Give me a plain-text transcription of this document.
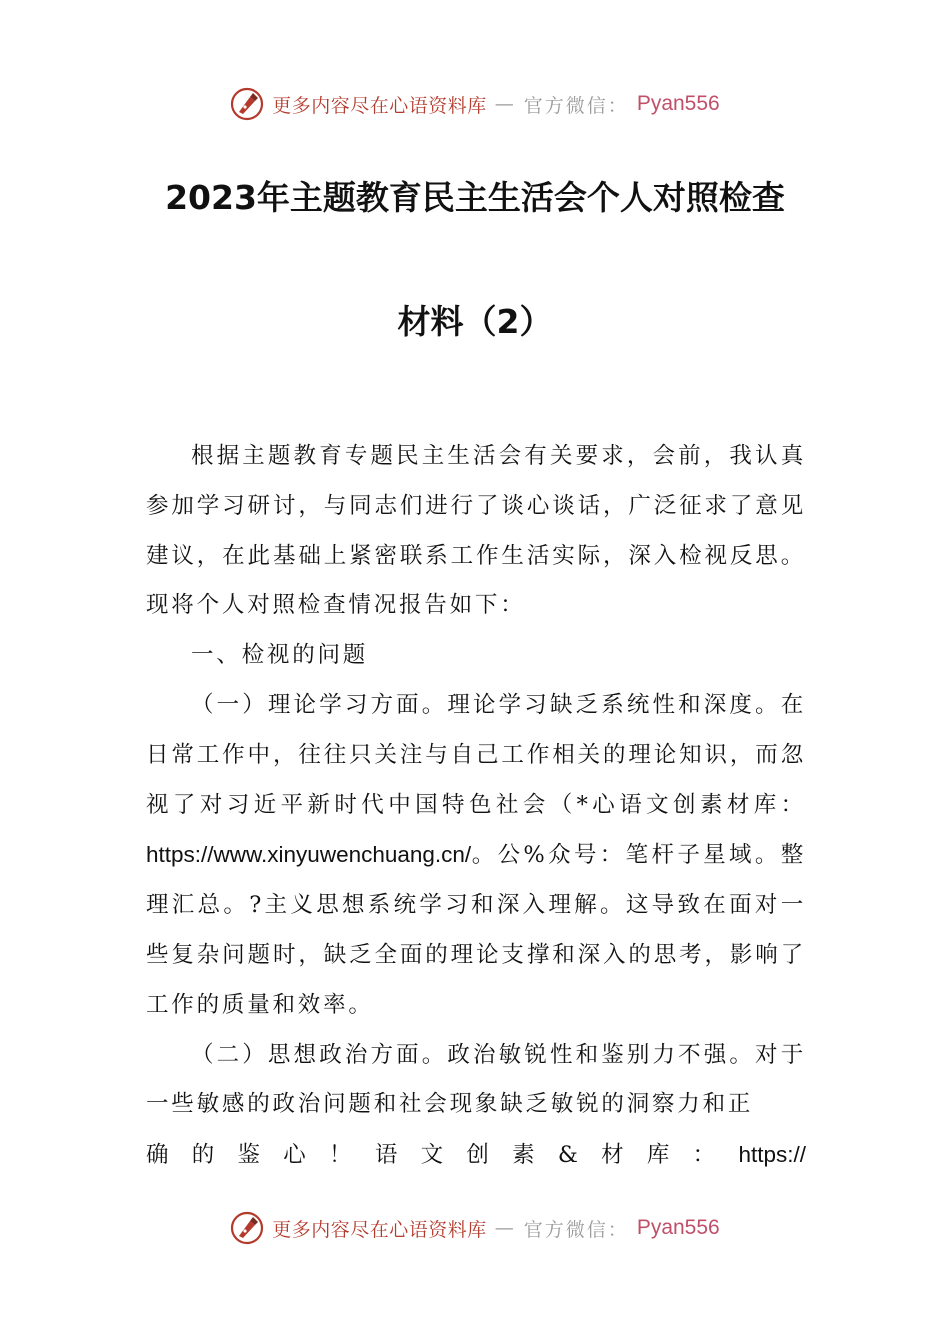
更多内容尽在心语资料库 — 官方微信： Pyan556
2023年主题教育民主生活会个人对照检查
材料（2）

根据主题教育专题民主生活会有关要求，会前，我认真参加学习研讨，与同志们进行了谈心谈话，广泛征求了意见建议，在此基础上紧密联系工作生活实际，深入检视反思。现将个人对照检查情况报告如下：

一、检视的问题

（一）理论学习方面。理论学习缺乏系统性和深度。在日常工作中，往往只关注与自己工作相关的理论知识，而忽视了对习近平新时代中国特色社会（*心语文创素材库：https://www.xinyuwenchuang.cn/。公%众号：笔杆子星域。整理汇总。?主义思想系统学习和深入理解。这导致在面对一些复杂问题时，缺乏全面的理论支撑和深入的思考，影响了工作的质量和效率。

（二）思想政治方面。政治敏锐性和鉴别力不强。对于一些敏感的政治问题和社会现象缺乏敏锐的洞察力和正

确的鉴心！语文创素&材库：https://

更多内容尽在心语资料库 — 官方微信： Pyan556
